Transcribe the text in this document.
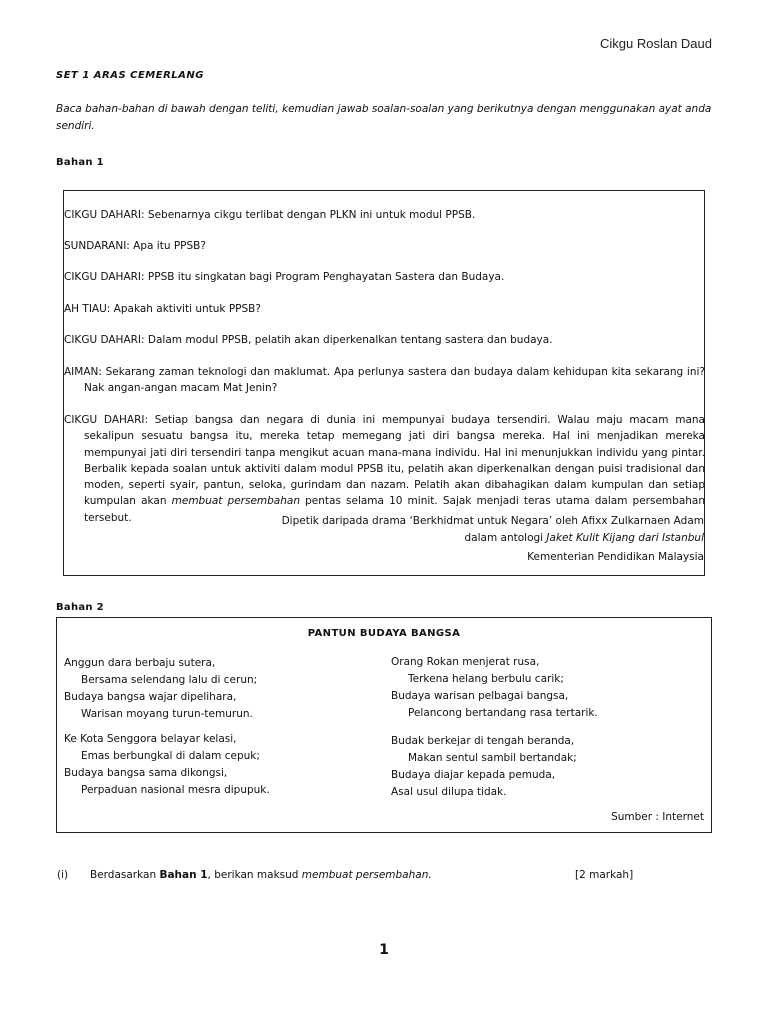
Cikgu Roslan Daud
SET 1 ARAS CEMERLANG
Baca bahan-bahan di bawah dengan teliti, kemudian jawab soalan-soalan yang berikutnya dengan menggunakan ayat anda sendiri.
Bahan 1
CIKGU DAHARI: Sebenarnya cikgu terlibat dengan PLKN ini untuk modul PPSB.
SUNDARANI: Apa itu PPSB?
CIKGU DAHARI: PPSB itu singkatan bagi Program Penghayatan Sastera dan Budaya.
AH TIAU: Apakah aktiviti untuk PPSB?
CIKGU DAHARI: Dalam modul PPSB, pelatih akan diperkenalkan tentang sastera dan budaya.
AIMAN: Sekarang zaman teknologi dan maklumat. Apa perlunya sastera dan budaya dalam kehidupan kita sekarang ini? Nak angan-angan macam Mat Jenin?
CIKGU DAHARI: Setiap bangsa dan negara di dunia ini mempunyai budaya tersendiri. Walau maju macam mana sekalipun sesuatu bangsa itu, mereka tetap memegang jati diri bangsa mereka. Hal ini menjadikan mereka mempunyai jati diri tersendiri tanpa mengikut acuan mana-mana individu. Hal ini menunjukkan individu yang pintar. Berbalik kepada soalan untuk aktiviti dalam modul PPSB itu, pelatih akan diperkenalkan dengan puisi tradisional dan moden, seperti syair, pantun, seloka, gurindam dan nazam. Pelatih akan dibahagikan dalam kumpulan dan setiap kumpulan akan membuat persembahan pentas selama 10 minit. Sajak menjadi teras utama dalam persembahan tersebut.	Dipetik daripada drama ‘Berkhidmat untuk Negara’ oleh Afixx Zulkarnaen Adam
dalam antologi Jaket Kulit Kijang dari Istanbul
Kementerian Pendidikan Malaysia
Bahan 2
PANTUN BUDAYA BANGSA
Anggun dara berbaju sutera,
Bersama selendang lalu di cerun;
Budaya bangsa wajar dipelihara,
Warisan moyang turun-temurun.
Orang Rokan menjerat rusa,
Terkena helang berbulu carik;
Budaya warisan pelbagai bangsa,
Pelancong bertandang rasa tertarik.
Ke Kota Senggora belayar kelasi,
Emas berbungkal di dalam cepuk;
Budaya bangsa sama dikongsi,
Perpaduan nasional mesra dipupuk.
Budak berkejar di tengah beranda,
Makan sentul sambil bertandak;
Budaya diajar kepada pemuda,
Asal usul dilupa tidak.
Sumber : Internet
(i) Berdasarkan Bahan 1, berikan maksud membuat persembahan.	[2 markah]
1
